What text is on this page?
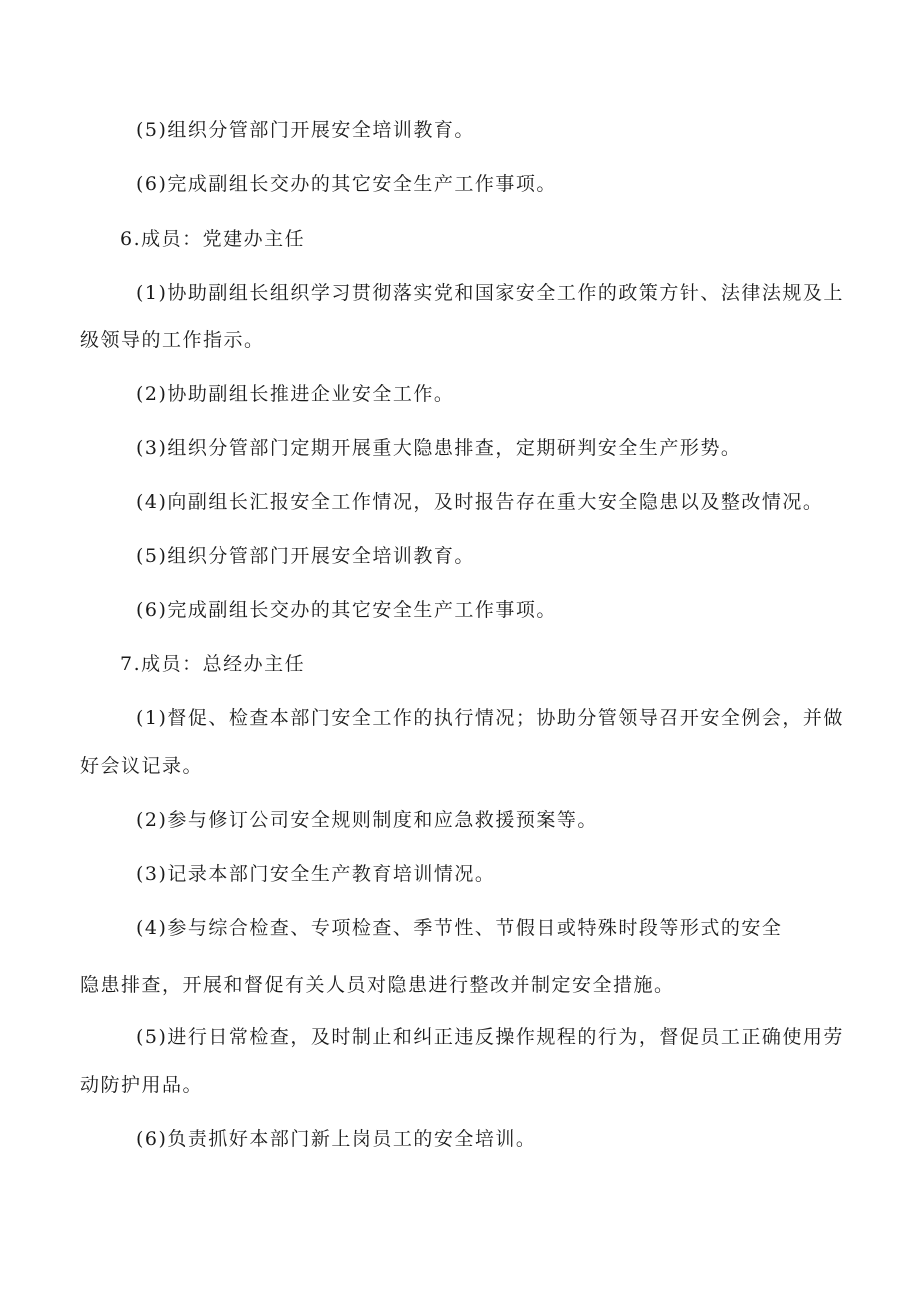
(5)组织分管部门开展安全培训教育。
(6)完成副组长交办的其它安全生产工作事项。
6.成员：党建办主任
(1)协助副组长组织学习贯彻落实党和国家安全工作的政策方针、法律法规及上
级领导的工作指示。
(2)协助副组长推进企业安全工作。
(3)组织分管部门定期开展重大隐患排查，定期研判安全生产形势。
(4)向副组长汇报安全工作情况，及时报告存在重大安全隐患以及整改情况。
(5)组织分管部门开展安全培训教育。
(6)完成副组长交办的其它安全生产工作事项。
7.成员：总经办主任
(1)督促、检查本部门安全工作的执行情况；协助分管领导召开安全例会，并做
好会议记录。
(2)参与修订公司安全规则制度和应急救援预案等。
(3)记录本部门安全生产教育培训情况。
(4)参与综合检查、专项检查、季节性、节假日或特殊时段等形式的安全
隐患排查，开展和督促有关人员对隐患进行整改并制定安全措施。
(5)进行日常检查，及时制止和纠正违反操作规程的行为，督促员工正确使用劳
动防护用品。
(6)负责抓好本部门新上岗员工的安全培训。
